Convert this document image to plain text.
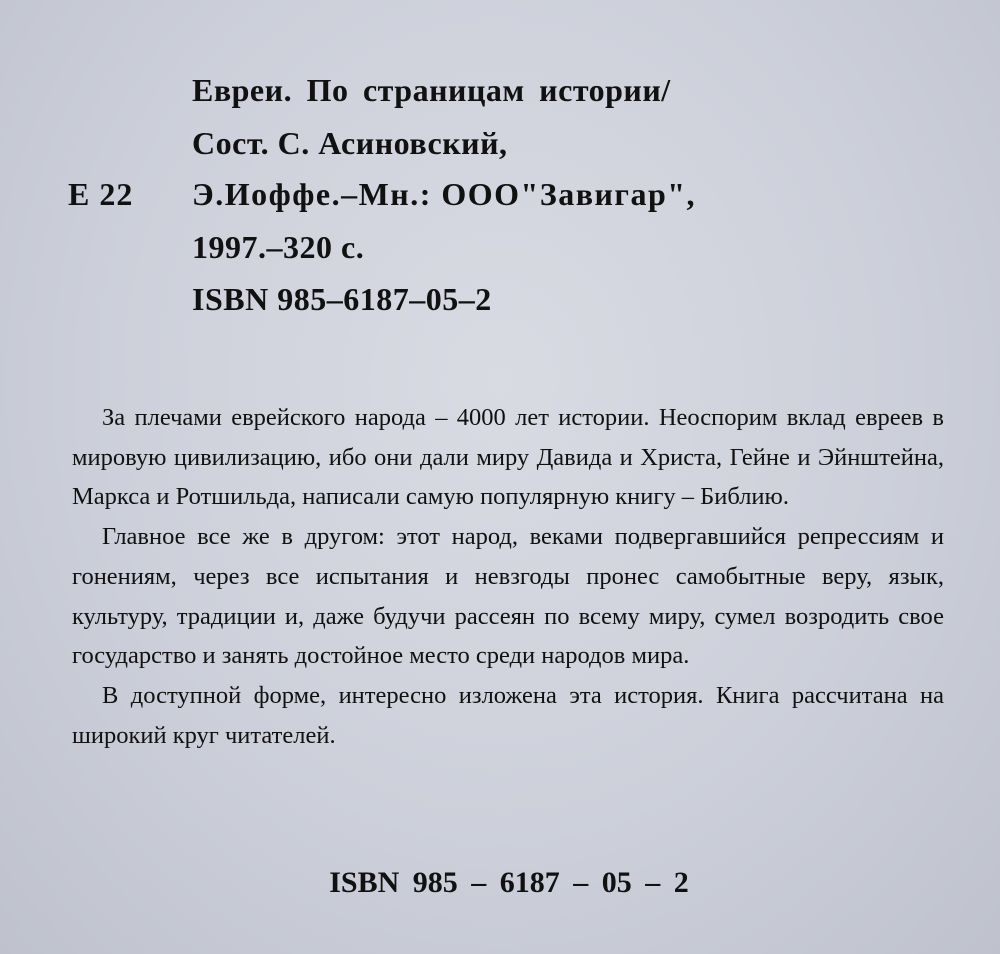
Е 22
Евреи. По страницам истории/
Сост. С. Асиновский,
Э.Иоффе.–Мн.: ООО"Завигар",
1997.–320 с.
ISBN 985–6187–05–2

За плечами еврейского народа – 4000 лет истории. Неоспорим вклад евреев в мировую цивилизацию, ибо они дали миру Давида и Христа, Гейне и Эйнштейна, Маркса и Ротшильда, написали самую популярную книгу – Библию.

Главное все же в другом: этот народ, веками подвергавшийся репрессиям и гонениям, через все испытания и невзгоды пронес самобытные веру, язык, культуру, традиции и, даже будучи рассеян по всему миру, сумел возродить свое государство и занять достойное место среди народов мира.

В доступной форме, интересно изложена эта история. Книга рассчитана на широкий круг читателей.

ISBN 985 – 6187 – 05 – 2
